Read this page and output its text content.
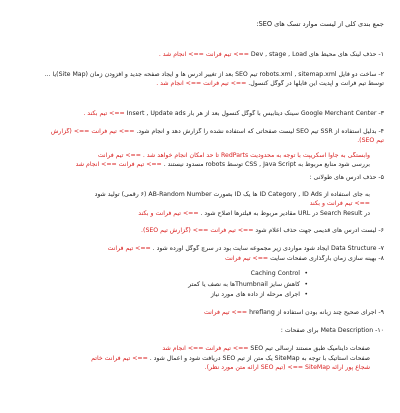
جمع بندی کلی از لیست موارد تسک های SEO:
۱- حذف لینک های محیط های Dev , stage , Load ==> تیم فرانت ==> انجام شد .
۲- ساخت دو فایل robots.xml , sitemap.xml تیم SEO بعد از تغییر آدرس ها و ایجاد صفحه جدید و افزودن زمان (Site Map)یا ...
توسط تیم فرانت و اپدیت این فایلها در گوگل کنسول. ==> تیم فرانت ==> انجام شد .
۳- Google Merchant Center سینک دیتابیس با گوگل کنسول بعد از هر بار Insert , Update ads ==> تیم بکند .
۴- بدلیل استفاده از SSR تیم SEO لیست صفحاتی که استفاده نشده را گزارش دهد و انجام شود. ==> تیم فرانت ==> (گزارش
تیم SEO).
• وابستگی به جاوا اسکریپت با توجه به محدودیت RedParts تا حد امکان انجام خواهد شد . ==> تیم فرانت
• بررسی شود منابع مربوط به CSS , Java Script توسط robots مسدود نیستند . ==> تیم فرانت ==> انجام شد
۵- حذف آدرس های طولانی :
• به جای استفاده از ID Category , ID Ads ها یک ID بصورت AB-Random Number (۶ رقمی) تولید شود
==> تیم فرانت و بکند
• در Search Result در URL مقادیر مربوط به فیلترها اصلاح شود . ==> تیم فرانت و بکند
۶- لیست آدرس های قدیمی جهت حذف اعلام شود ==> تیم فرانت ==> (گزارش تیم SEO).
۷- Data Structure ایجاد شود مواردی زیر مجموعه سایت بود در سرچ گوگل آورده شود . ==> تیم فرانت
۸- بهینه سازی زمان بارگذاری صفحات سایت ==> تیم فرانت
• Caching Control
• کاهش سایز Thumbnailها به نصف یا کمتر
• اجرای مرحله از داده های مورد نیاز
۹- اجرای صحیح چند زبانه بودن استفاده از hreflang ==> تیم فرانت
۱۰- Meta Description برای صفحات :
• صفحات داینامیک طبق مستند ارسالی تیم SEO ==> تیم فرانت ==> انجام شد
• صفحات استاتیک با توجه به SiteMap یک متن از تیم SEO دریافت شود و اعمال شود . ==> تیم فرانت خاتم
شجاع پور ارائه SiteMap ==> (تیم SEO ارائه متن مورد نظر).
